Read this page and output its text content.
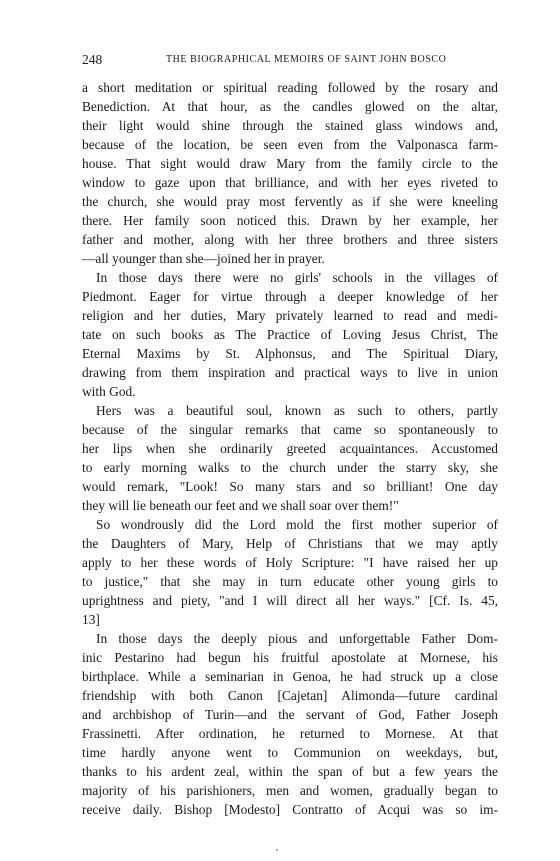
248	THE BIOGRAPHICAL MEMOIRS OF SAINT JOHN BOSCO
a short meditation or spiritual reading followed by the rosary and
Benediction. At that hour, as the candles glowed on the altar,
their light would shine through the stained glass windows and,
because of the location, be seen even from the Valponasca farm-
house. That sight would draw Mary from the family circle to the
window to gaze upon that brilliance, and with her eyes riveted to
the church, she would pray most fervently as if she were kneeling
there. Her family soon noticed this. Drawn by her example, her
father and mother, along with her three brothers and three sisters
—all younger than she—joined her in prayer.
In those days there were no girls' schools in the villages of
Piedmont. Eager for virtue through a deeper knowledge of her
religion and her duties, Mary privately learned to read and medi-
tate on such books as The Practice of Loving Jesus Christ, The
Eternal Maxims by St. Alphonsus, and The Spiritual Diary,
drawing from them inspiration and practical ways to live in union
with God.
Hers was a beautiful soul, known as such to others, partly
because of the singular remarks that came so spontaneously to
her lips when she ordinarily greeted acquaintances. Accustomed
to early morning walks to the church under the starry sky, she
would remark, "Look! So many stars and so brilliant! One day
they will lie beneath our feet and we shall soar over them!"
So wondrously did the Lord mold the first mother superior of
the Daughters of Mary, Help of Christians that we may aptly
apply to her these words of Holy Scripture: "I have raised her up
to justice," that she may in turn educate other young girls to
uprightness and piety, "and I will direct all her ways." [Cf. Is. 45,
13]
In those days the deeply pious and unforgettable Father Dom-
inic Pestarino had begun his fruitful apostolate at Mornese, his
birthplace. While a seminarian in Genoa, he had struck up a close
friendship with both Canon [Cajetan] Alimonda—future cardinal
and archbishop of Turin—and the servant of God, Father Joseph
Frassinetti. After ordination, he returned to Mornese. At that
time hardly anyone went to Communion on weekdays, but,
thanks to his ardent zeal, within the span of but a few years the
majority of his parishioners, men and women, gradually began to
receive daily. Bishop [Modesto] Contratto of Acqui was so im-
